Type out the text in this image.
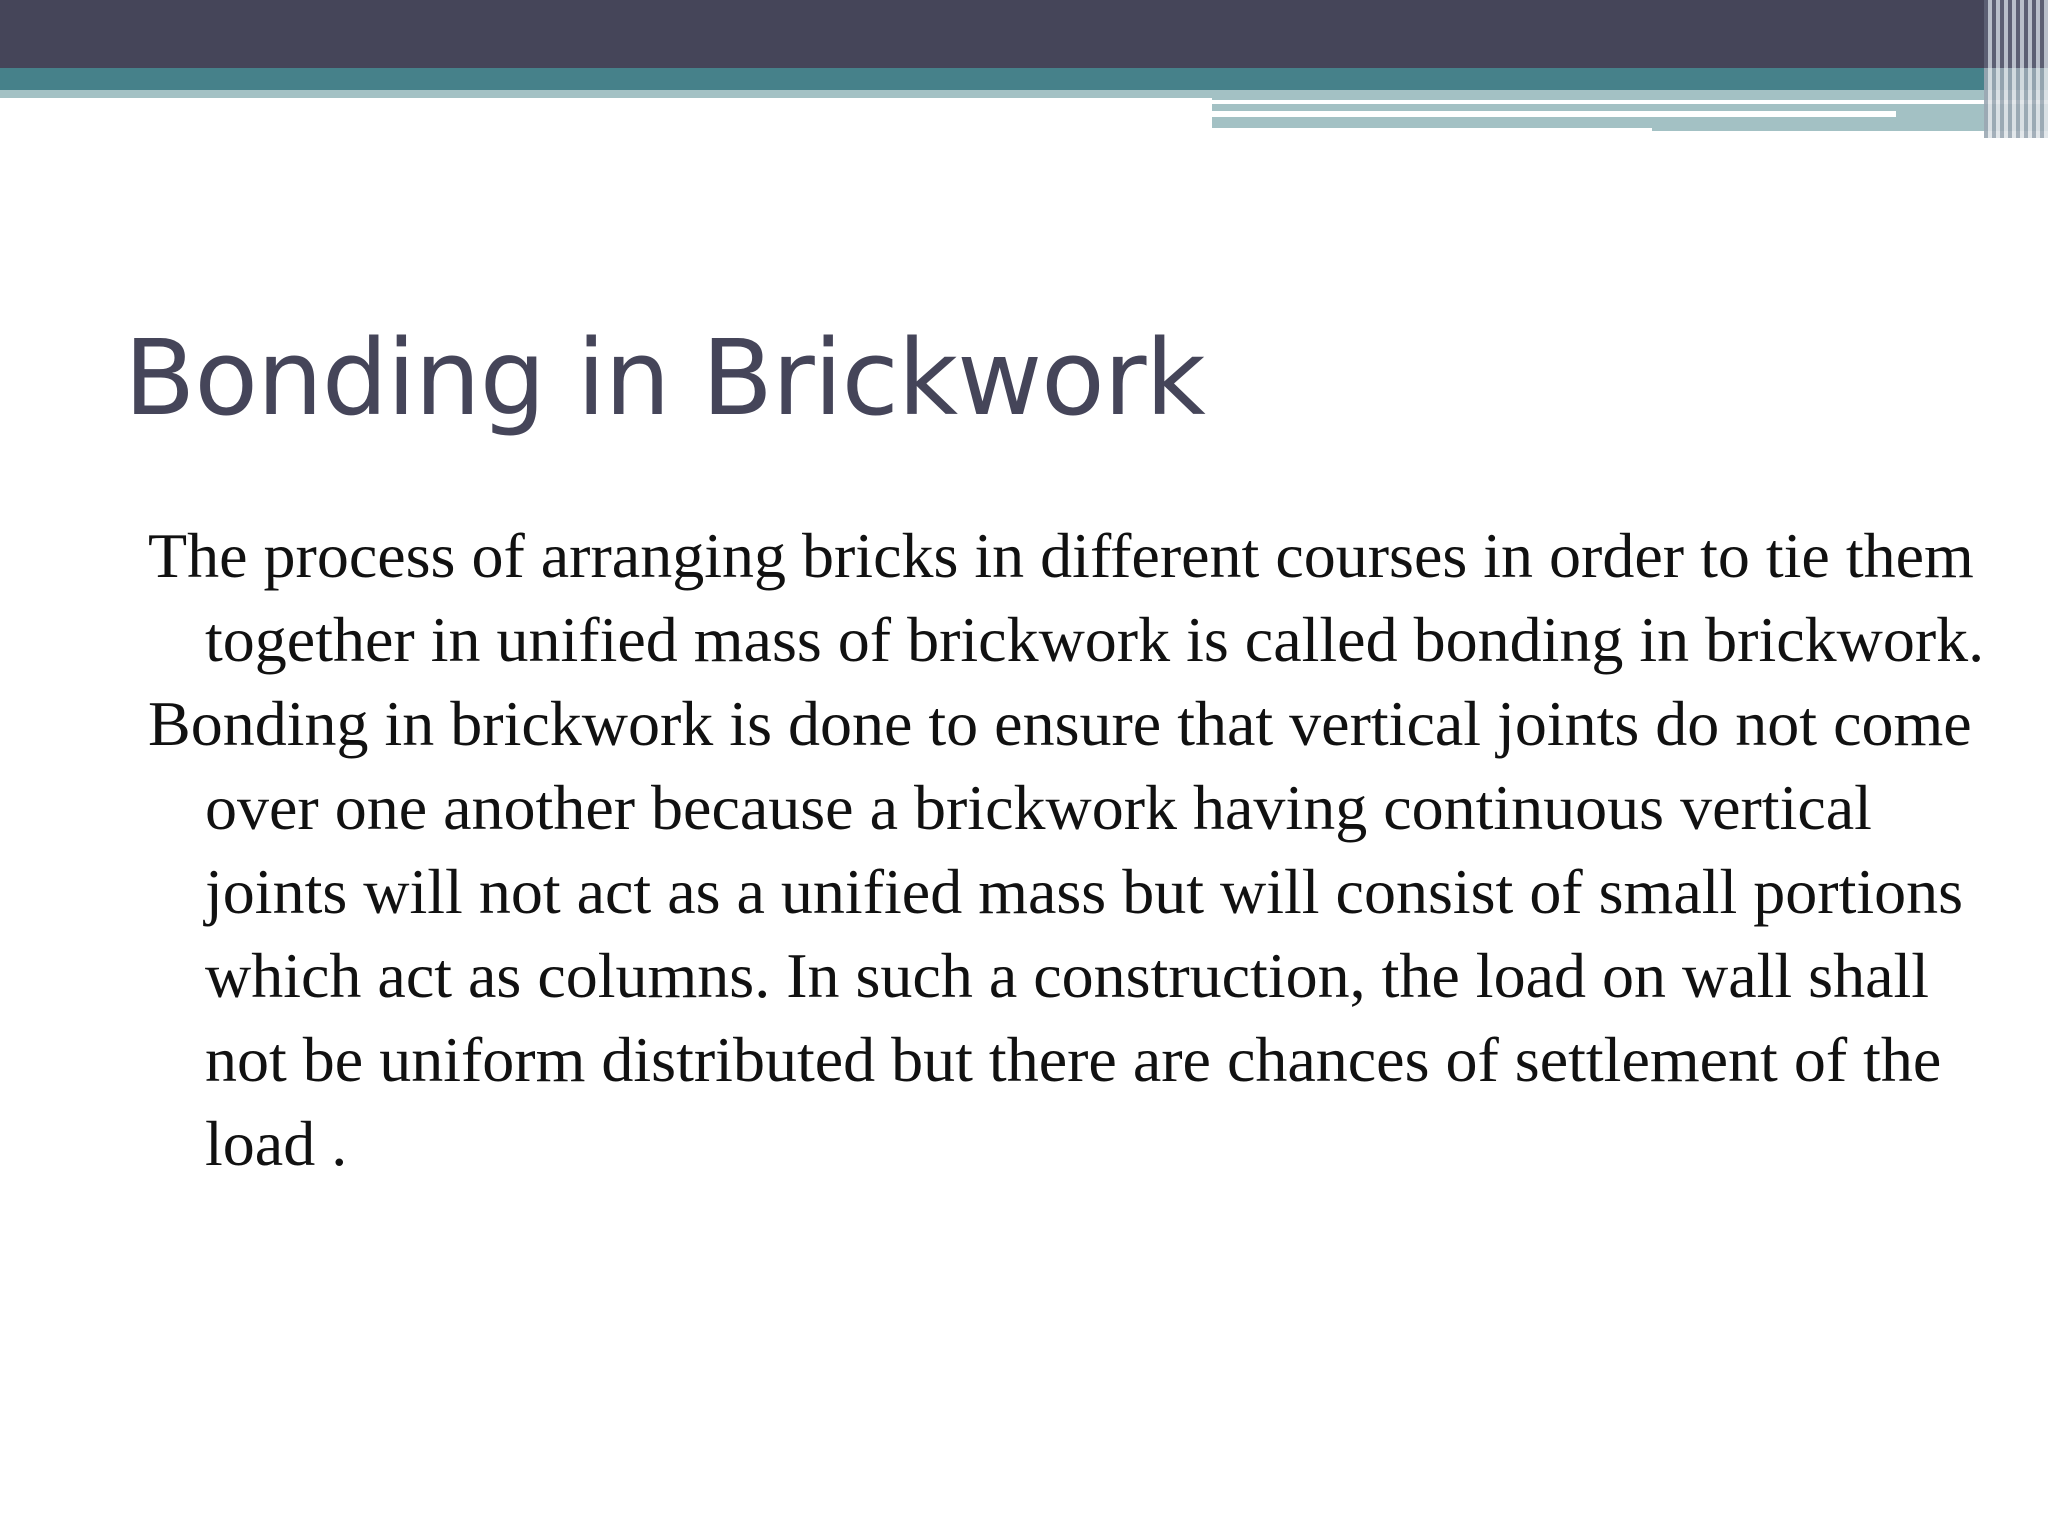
Bonding in Brickwork

The process of arranging bricks in different courses in order to tie them together in unified mass of brickwork is called bonding in brickwork.

Bonding in brickwork is done to ensure that vertical joints do not come over one another because a brickwork having continuous vertical joints will not act as a unified mass but will consist of small portions which act as columns. In such a construction, the load on wall shall not be uniform distributed but there are chances of settlement of the load .
